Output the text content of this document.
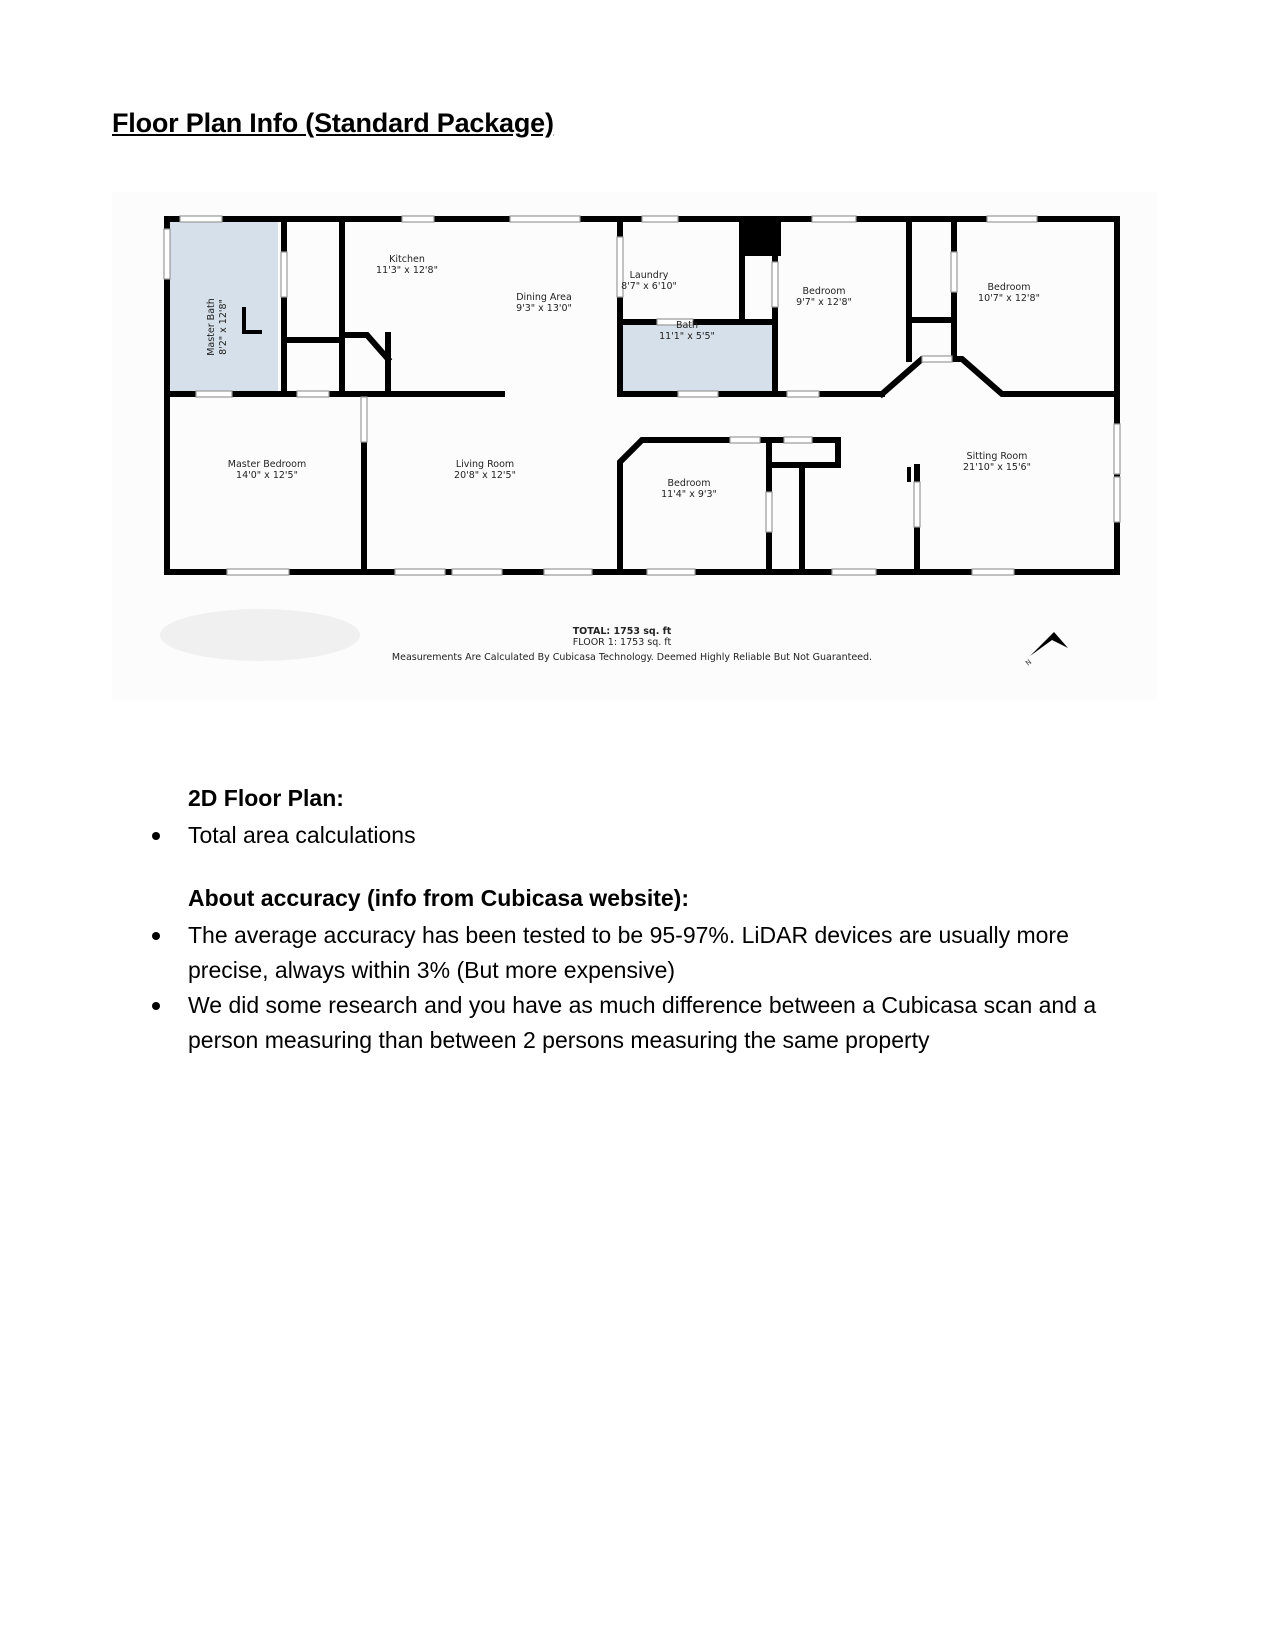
Floor Plan Info (Standard Package)
Master Bath 8'2" x 12'8"
Kitchen
11'3" x 12'8"
Dining Area
9'3" x 13'0"
Laundry
8'7" x 6'10"
Bath
11'1" x 5'5"
Bedroom
9'7" x 12'8"
Bedroom
10'7" x 12'8"
Master Bedroom
14'0" x 12'5"
Living Room
20'8" x 12'5"
Bedroom
11'4" x 9'3"
Sitting Room
21'10" x 15'6"
TOTAL: 1753 sq. ft
FLOOR 1: 1753 sq. ft
Measurements Are Calculated By Cubicasa Technology. Deemed Highly Reliable But Not Guaranteed.	N

2D Floor Plan:

Total area calculations

About accuracy (info from Cubicasa website):

The average accuracy has been tested to be 95-97%. LiDAR devices are usually more precise, always within 3% (But more expensive)
We did some research and you have as much difference between a Cubicasa scan and a person measuring than between 2 persons measuring the same property
